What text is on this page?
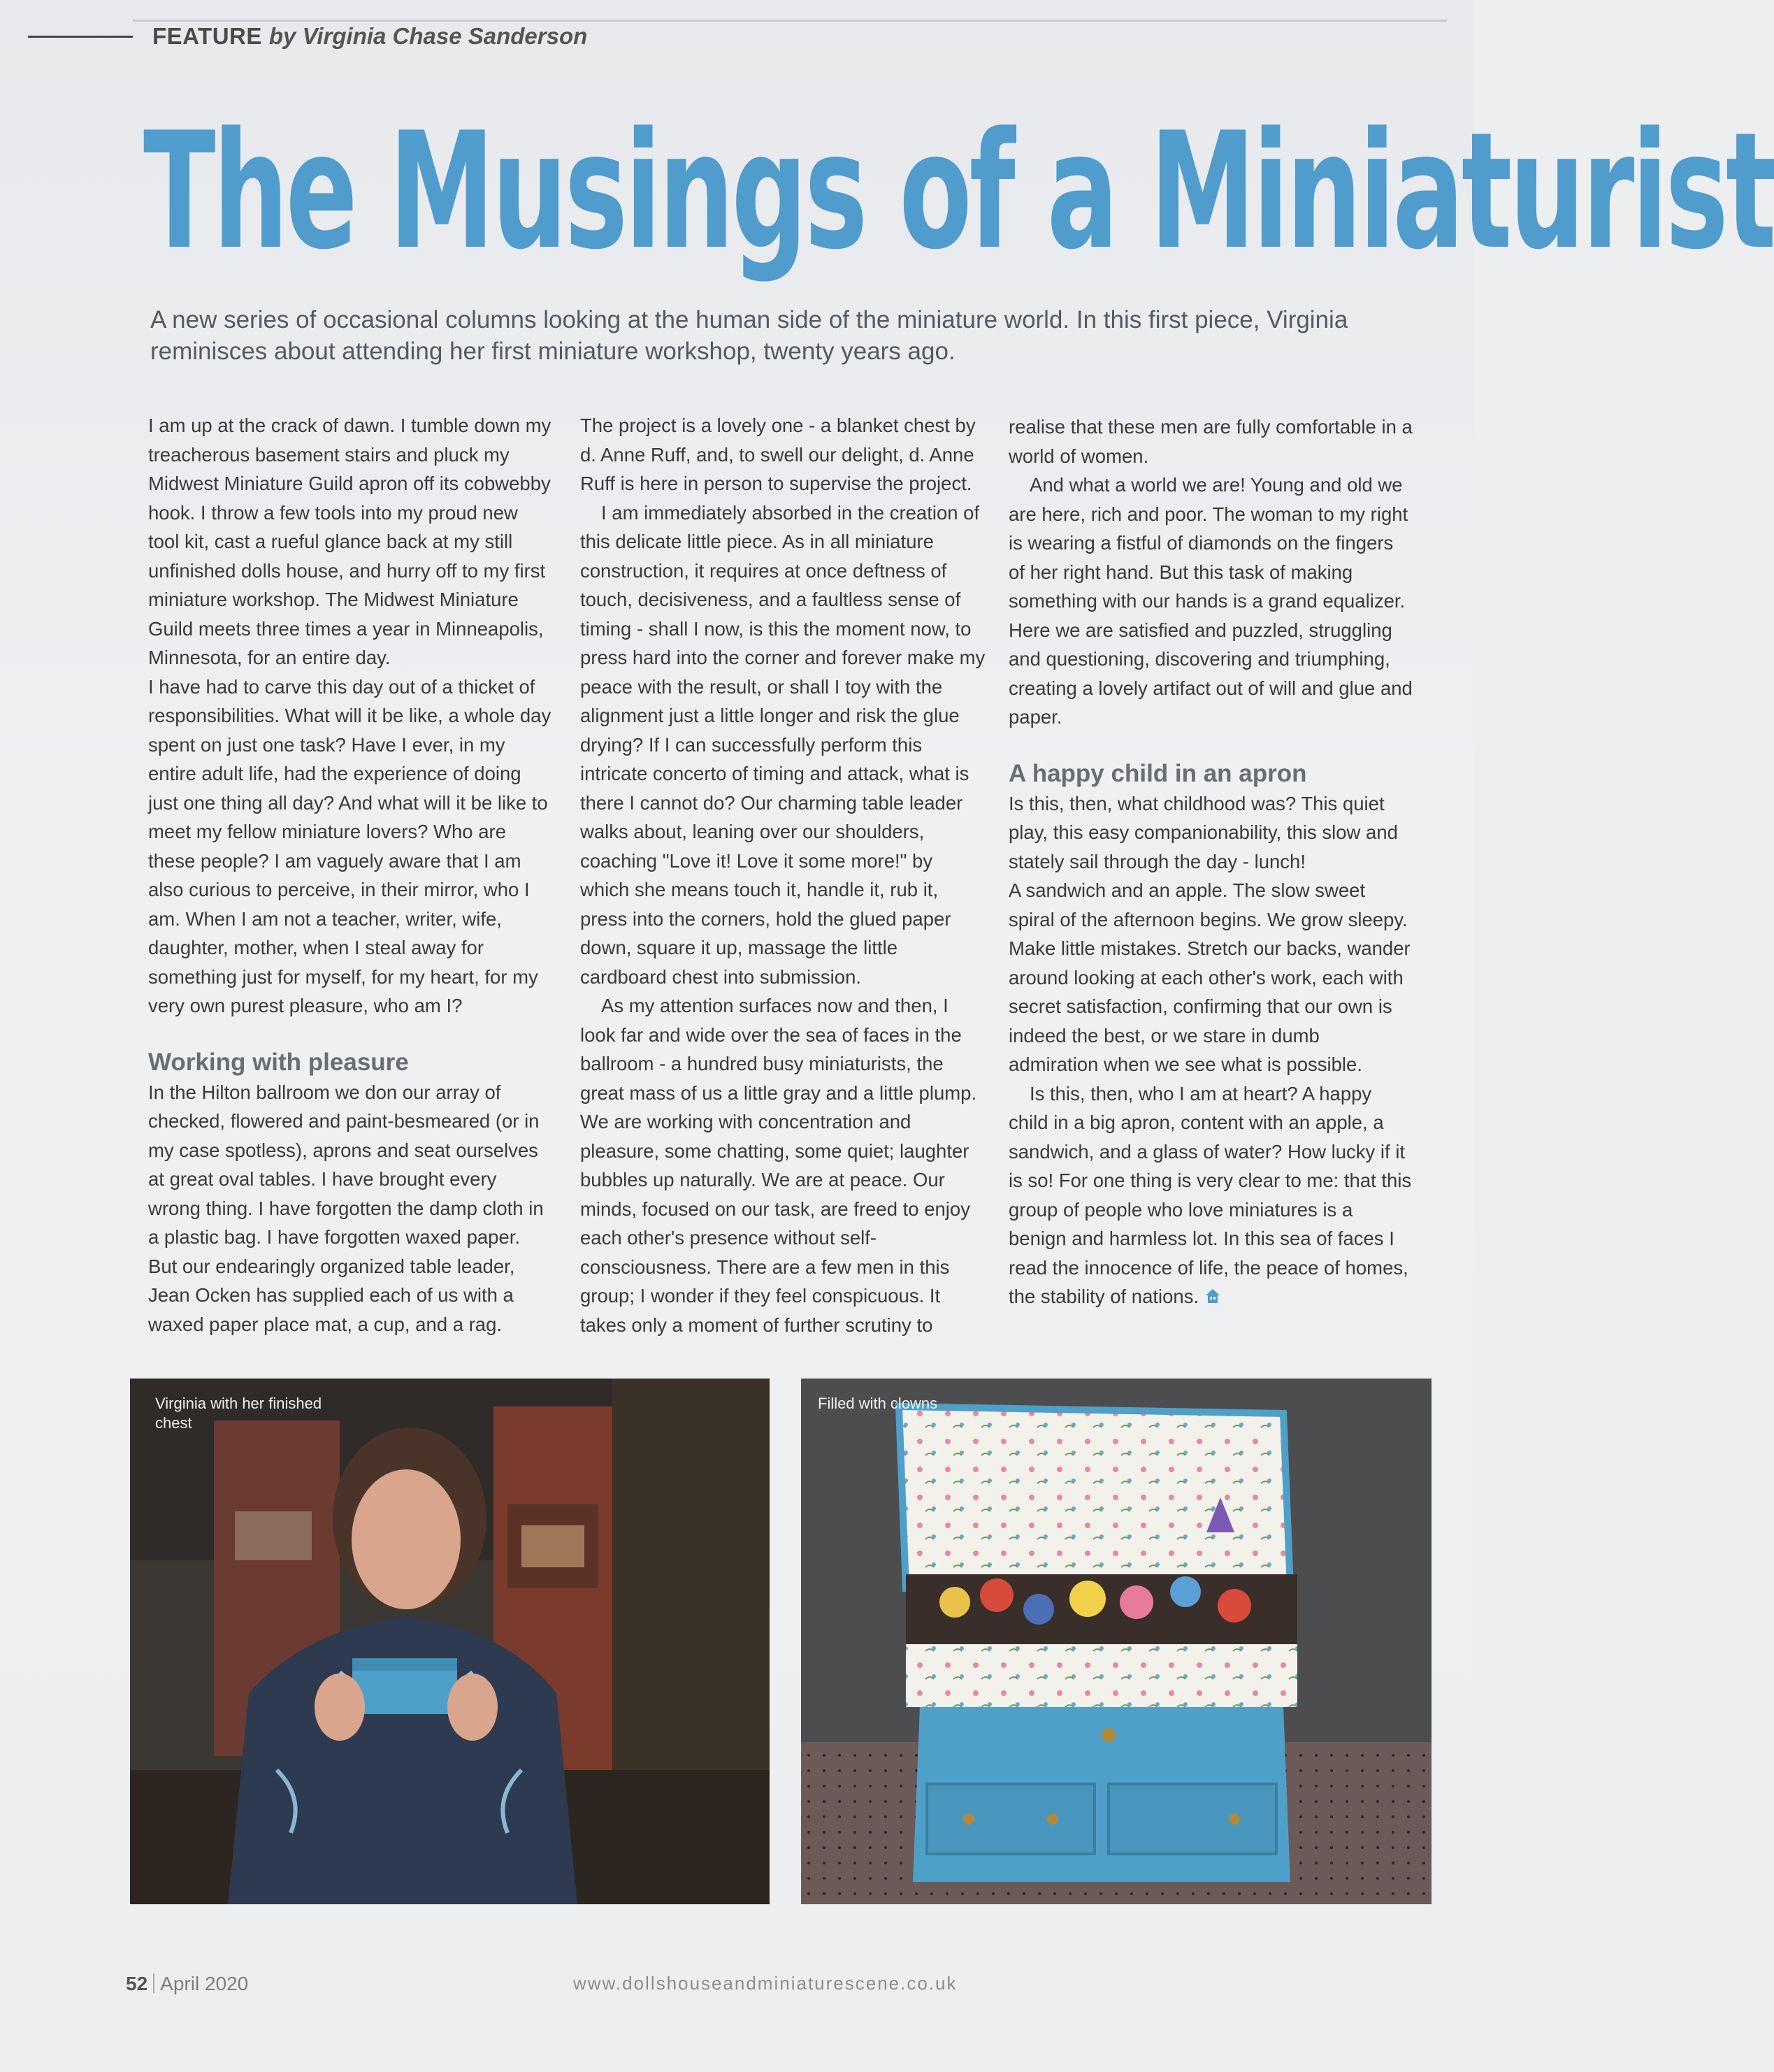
FEATURE by Virginia Chase Sanderson
The Musings of a Miniaturist

A new series of occasional columns looking at the human side of the miniature world. In this first piece, Virginia reminisces about attending her first miniature workshop, twenty years ago.

I am up at the crack of dawn. I tumble down my treacherous basement stairs and pluck my Midwest Miniature Guild apron off its cobwebby hook. I throw a few tools into my proud new tool kit, cast a rueful glance back at my still unfinished dolls house, and hurry off to my first miniature workshop. The Midwest Miniature Guild meets three times a year in Minneapolis, Minnesota, for an entire day.

I have had to carve this day out of a thicket of responsibilities. What will it be like, a whole day spent on just one task? Have I ever, in my entire adult life, had the experience of doing just one thing all day? And what will it be like to meet my fellow miniature lovers? Who are these people? I am vaguely aware that I am also curious to perceive, in their mirror, who I am. When I am not a teacher, writer, wife, daughter, mother, when I steal away for something just for myself, for my heart, for my very own purest pleasure, who am I?

Working with pleasure

In the Hilton ballroom we don our array of checked, flowered and paint-besmeared (or in my case spotless), aprons and seat ourselves at great oval tables. I have brought every wrong thing. I have forgotten the damp cloth in a plastic bag. I have forgotten waxed paper.

But our endearingly organized table leader, Jean Ocken has supplied each of us with a waxed paper place mat, a cup, and a rag.

The project is a lovely one - a blanket chest by d. Anne Ruff, and, to swell our delight, d. Anne Ruff is here in person to supervise the project.

I am immediately absorbed in the creation of this delicate little piece. As in all miniature construction, it requires at once deftness of touch, decisiveness, and a faultless sense of timing - shall I now, is this the moment now, to press hard into the corner and forever make my peace with the result, or shall I toy with the alignment just a little longer and risk the glue drying? If I can successfully perform this intricate concerto of timing and attack, what is there I cannot do? Our charming table leader walks about, leaning over our shoulders, coaching "Love it! Love it some more!" by which she means touch it, handle it, rub it, press into the corners, hold the glued paper down, square it up, massage the little cardboard chest into submission.

As my attention surfaces now and then, I look far and wide over the sea of faces in the ballroom - a hundred busy miniaturists, the great mass of us a little gray and a little plump. We are working with concentration and pleasure, some chatting, some quiet; laughter bubbles up naturally. We are at peace. Our minds, focused on our task, are freed to enjoy each other's presence without self-consciousness. There are a few men in this group; I wonder if they feel conspicuous. It takes only a moment of further scrutiny to

realise that these men are fully comfortable in a world of women.

And what a world we are! Young and old we are here, rich and poor. The woman to my right is wearing a fistful of diamonds on the fingers of her right hand. But this task of making something with our hands is a grand equalizer. Here we are satisfied and puzzled, struggling and questioning, discovering and triumphing, creating a lovely artifact out of will and glue and paper.

A happy child in an apron

Is this, then, what childhood was? This quiet play, this easy companionability, this slow and stately sail through the day - lunch!

A sandwich and an apple. The slow sweet spiral of the afternoon begins. We grow sleepy. Make little mistakes. Stretch our backs, wander around looking at each other's work, each with secret satisfaction, confirming that our own is indeed the best, or we stare in dumb admiration when we see what is possible.

Is this, then, who I am at heart? A happy child in a big apron, content with an apple, a sandwich, and a glass of water? How lucky if it is so! For one thing is very clear to me: that this group of people who love miniatures is a benign and harmless lot. In this sea of faces I read the innocence of life, the peace of homes, the stability of nations.

Virginia with her finished chest
Filled with clowns
52 April 2020	www.dollshouseandminiaturescene.co.uk
